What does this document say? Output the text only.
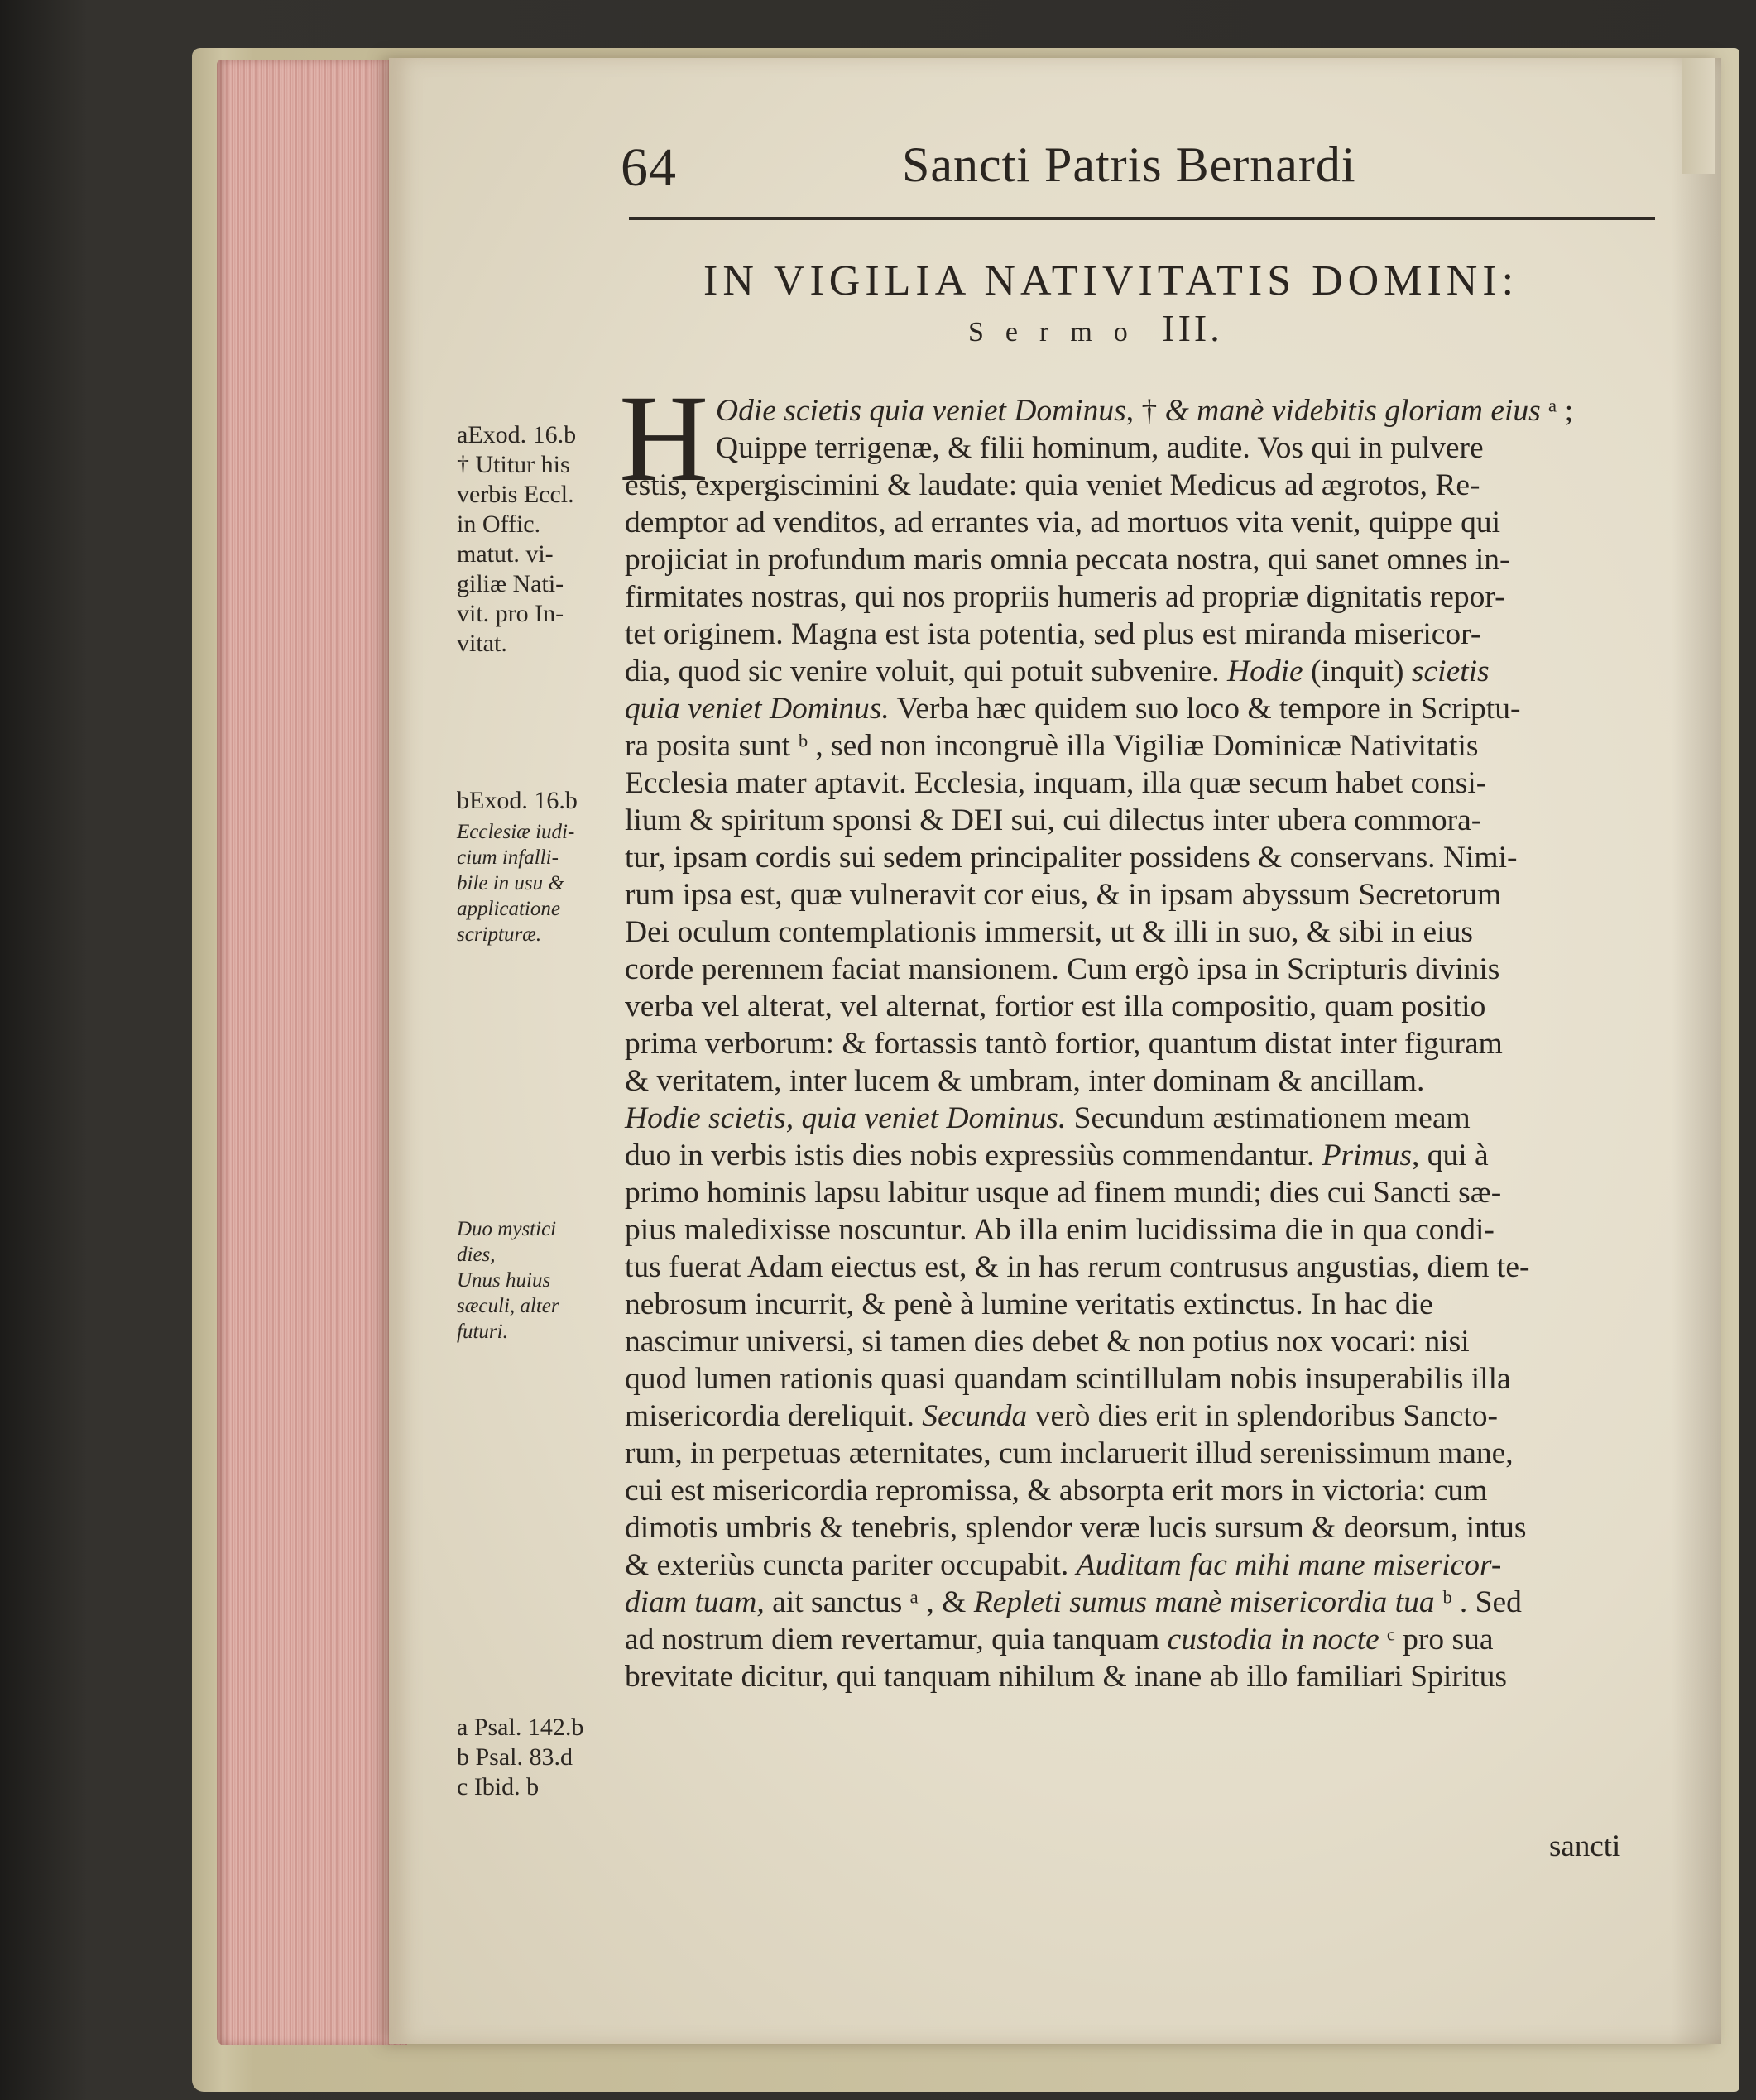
64	Sancti Patris Bernardi
IN VIGILIA NATIVITATIS DOMINI:
Sermo III.
H
aExod. 16.b
† Utitur his
verbis Eccl.
in Offic.
matut. vi-
giliæ Nati-
vit. pro In-
vitat.
bExod. 16.b
Ecclesiæ iudi-
cium infalli-
bile in usu &
applicatione
scripturæ.
Duo mystici
dies,
Unus huius
sæculi, alter
futuri.
a Psal. 142.b
b Psal. 83.d
c Ibid. b
Odie scietis quia veniet Dominus, † & manè videbitis gloriam eius ᵃ ;
Quippe terrigenæ, & filii hominum, audite. Vos qui in pulvere
estis, expergiscimini & laudate: quia veniet Medicus ad ægrotos, Re-
demptor ad venditos, ad errantes via, ad mortuos vita venit, quippe qui
projiciat in profundum maris omnia peccata nostra, qui sanet omnes in-
firmitates nostras, qui nos propriis humeris ad propriæ dignitatis repor-
tet originem. Magna est ista potentia, sed plus est miranda misericor-
dia, quod sic venire voluit, qui potuit subvenire. Hodie (inquit) scietis
quia veniet Dominus. Verba hæc quidem suo loco & tempore in Scriptu-
ra posita sunt ᵇ , sed non incongruè illa Vigiliæ Dominicæ Nativitatis
Ecclesia mater aptavit. Ecclesia, inquam, illa quæ secum habet consi-
lium & spiritum sponsi & DEI sui, cui dilectus inter ubera commora-
tur, ipsam cordis sui sedem principaliter possidens & conservans. Nimi-
rum ipsa est, quæ vulneravit cor eius, & in ipsam abyssum Secretorum
Dei oculum contemplationis immersit, ut & illi in suo, & sibi in eius
corde perennem faciat mansionem. Cum ergò ipsa in Scripturis divinis
verba vel alterat, vel alternat, fortior est illa compositio, quam positio
prima verborum: & fortassis tantò fortior, quantum distat inter figuram
& veritatem, inter lucem & umbram, inter dominam & ancillam.
Hodie scietis, quia veniet Dominus. Secundum æstimationem meam
duo in verbis istis dies nobis expressiùs commendantur. Primus, qui à
primo hominis lapsu labitur usque ad finem mundi; dies cui Sancti sæ-
pius maledixisse noscuntur. Ab illa enim lucidissima die in qua condi-
tus fuerat Adam eiectus est, & in has rerum contrusus angustias, diem te-
nebrosum incurrit, & penè à lumine veritatis extinctus. In hac die
nascimur universi, si tamen dies debet & non potius nox vocari: nisi
quod lumen rationis quasi quandam scintillulam nobis insuperabilis illa
misericordia dereliquit. Secunda verò dies erit in splendoribus Sancto-
rum, in perpetuas æternitates, cum inclaruerit illud serenissimum mane,
cui est misericordia repromissa, & absorpta erit mors in victoria: cum
dimotis umbris & tenebris, splendor veræ lucis sursum & deorsum, intus
& exteriùs cuncta pariter occupabit. Auditam fac mihi mane misericor-
diam tuam, ait sanctus ᵃ , & Repleti sumus manè misericordia tua ᵇ . Sed
ad nostrum diem revertamur, quia tanquam custodia in nocte ᶜ pro sua
brevitate dicitur, qui tanquam nihilum & inane ab illo familiari Spiritus
sancti
